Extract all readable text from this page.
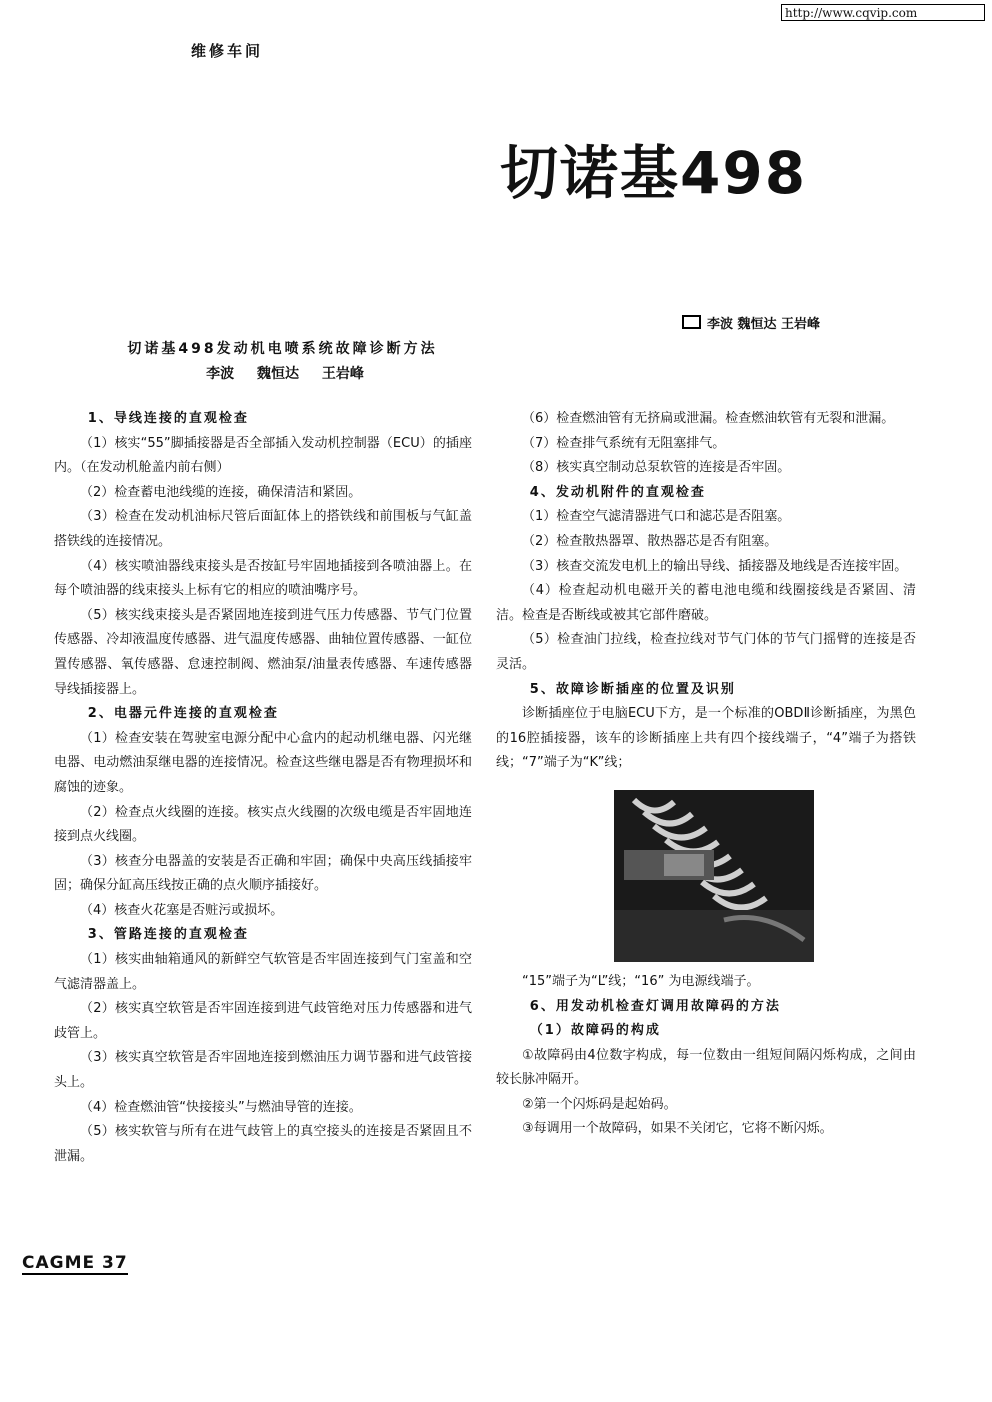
http://www.cqvip.com
维修车间
切诺基498
李波 魏恒达 王岩峰
切诺基498发动机电喷系统故障诊断方法
李波 魏恒达 王岩峰

1、导线连接的直观检查

（1）核实“55”脚插接器是否全部插入发动机控制器（ECU）的插座内。（在发动机舱盖内前右侧）

（2）检查蓄电池线缆的连接，确保清洁和紧固。

（3）检查在发动机油标尺管后面缸体上的搭铁线和前围板与气缸盖搭铁线的连接情况。

（4）核实喷油器线束接头是否按缸号牢固地插接到各喷油器上。在每个喷油器的线束接头上标有它的相应的喷油嘴序号。

（5）核实线束接头是否紧固地连接到进气压力传感器、节气门位置传感器、冷却液温度传感器、进气温度传感器、曲轴位置传感器、一缸位置传感器、氧传感器、怠速控制阀、燃油泵/油量表传感器、车速传感器导线插接器上。

2、电器元件连接的直观检查

（1）检查安装在驾驶室电源分配中心盒内的起动机继电器、闪光继电器、电动燃油泵继电器的连接情况。检查这些继电器是否有物理损坏和腐蚀的迹象。

（2）检查点火线圈的连接。核实点火线圈的次级电缆是否牢固地连接到点火线圈。

（3）核查分电器盖的安装是否正确和牢固；确保中央高压线插接牢固；确保分缸高压线按正确的点火顺序插接好。

（4）核查火花塞是否赃污或损坏。

3、管路连接的直观检查

（1）核实曲轴箱通风的新鲜空气软管是否牢固连接到气门室盖和空气滤清器盖上。

（2）核实真空软管是否牢固连接到进气歧管绝对压力传感器和进气歧管上。

（3）核实真空软管是否牢固地连接到燃油压力调节器和进气歧管接头上。

（4）检查燃油管“快接接头”与燃油导管的连接。

（5）核实软管与所有在进气歧管上的真空接头的连接是否紧固且不泄漏。

（6）检查燃油管有无挤扁或泄漏。检查燃油软管有无裂和泄漏。

（7）检查排气系统有无阻塞排气。

（8）核实真空制动总泵软管的连接是否牢固。

4、发动机附件的直观检查

（1）检查空气滤清器进气口和滤芯是否阻塞。

（2）检查散热器罩、散热器芯是否有阻塞。

（3）核查交流发电机上的输出导线、插接器及地线是否连接牢固。

（4）检查起动机电磁开关的蓄电池电缆和线圈接线是否紧固、清洁。检查是否断线或被其它部件磨破。

（5）检查油门拉线，检查拉线对节气门体的节气门摇臂的连接是否灵活。

5、故障诊断插座的位置及识别

诊断插座位于电脑ECU下方，是一个标准的OBDⅡ诊断插座，为黑色的16腔插接器，该车的诊断插座上共有四个接线端子，“4”端子为搭铁线；“7”端子为“K”线；

“15”端子为“L”线；“16” 为电源线端子。

6、用发动机检查灯调用故障码的方法

（1）故障码的构成

①故障码由4位数字构成，每一位数由一组短间隔闪烁构成，之间由较长脉冲隔开。

②第一个闪烁码是起始码。

③每调用一个故障码，如果不关闭它，它将不断闪烁。

CAGME 37
